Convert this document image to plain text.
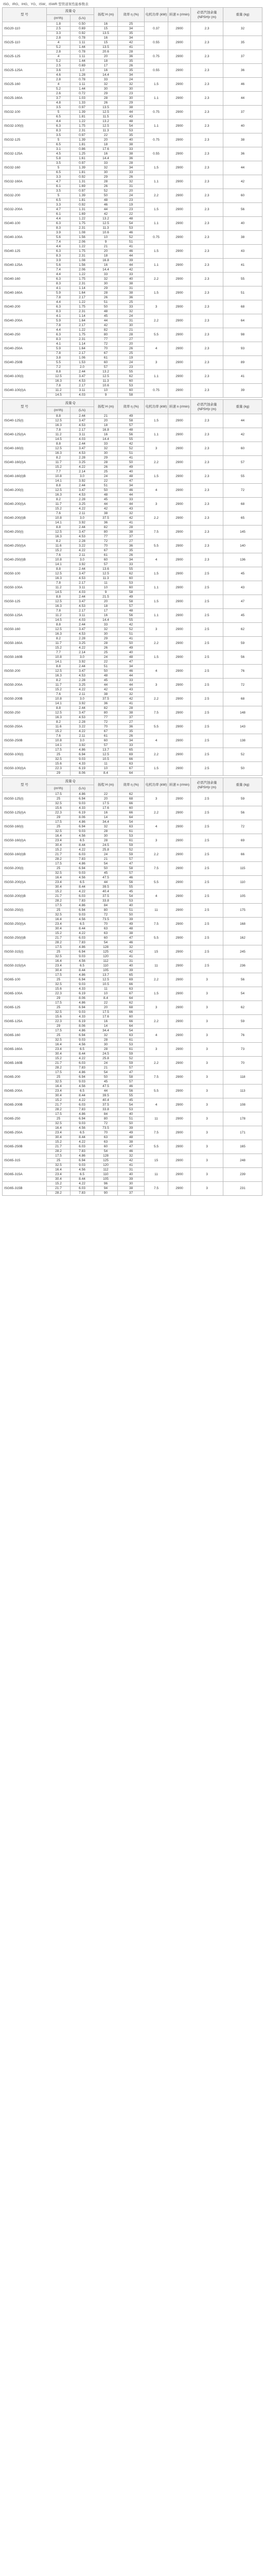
ISG、IRG、IHG、YG、ISW、ISWR 型管道泵性能参数表
型 号	流量 Q		扬程 H (m)	效率 η (%)	电机功率 (kW)	转速 n (r/min)	必需汽蚀余量 (NPSH)r (m)	重量 (kg)
	(m³/h)	(L/s)						
ISG20-110	1.8	0.50	16	25	0.37	2900	2.3	32
	2.5	0.69	15	34				
	3.3	0.92	13.5	35				
ISG25-110	2.8	0.78	16	34	0.55	2900	2.3	35
	4	1.11	15	42				
	5.2	1.44	13.5	41				
ISG25-125	2.8	0.78	20.6	28	0.75	2900	2.3	37
	4	1.11	20	36				
	5.2	1.44	18	35				
ISG25-125A	2.5	0.69	17	26	0.55	2900	2.3	36
	3.6	1.0	16	35				
	4.6	1.28	14.4	34				
ISG25-160	2.8	0.78	33	24	1.5	2900	2.3	46
	4	1.11	32	32				
	5.2	1.44	30	30				
ISG25-160A	2.6	0.72	29	23	1.1	2900	2.3	44
	3.7	1.03	28	30				
	4.8	1.33	26	29				
ISG32-100	3.5	0.97	13.5	38	0.75	2900	2.3	37
	5	1.39	12.5	44				
	6.5	1.81	11.5	43				
ISG32-100(I)	4.4	1.22	13.2	48	1.1	2900	2.3	40
	6.3	1.75	12.5	54				
	8.3	2.31	11.3	53				
ISG32-125	3.5	0.97	22	35	0.75	2900	2.3	38
	5	1.39	20	40				
	6.5	1.81	18	38				
ISG32-125A	3.1	0.86	17.6	33	0.55	2900	2.3	36
	4.5	1.25	16	38				
	5.8	1.61	14.4	36				
ISG32-160	3.5	0.97	33	28	1.5	2900	2.3	44
	5	1.39	32	34				
	6.5	1.81	30	33				
ISG32-160A	3.3	0.92	29	26	1.1	2900	2.3	42
	4.7	1.31	28	32				
	6.1	1.69	26	31				
ISG32-200	3.5	0.97	52	20	2.2	2900	2.3	60
	5	1.39	50	24				
	6.5	1.81	48	23				
ISG32-200A	3.3	0.92	46	19	1.5	2900	2.3	56
	4.7	1.31	44	23				
	6.1	1.69	42	22				
ISG40-100	4.4	1.22	13.2	48	1.1	2900	2.3	40
	6.3	1.75	12.5	54				
	8.3	2.31	11.3	53				
ISG40-100A	3.9	1.08	10.6	46	0.75	2900	2.3	38
	5.6	1.56	10	52				
	7.4	2.06	9	51				
ISG40-125	4.4	1.22	21	41	1.5	2900	2.3	43
	6.3	1.75	20	46				
	8.3	2.31	18	44				
ISG40-125A	3.9	1.08	16.8	39	1.1	2900	2.3	41
	5.6	1.56	16	44				
	7.4	2.06	14.4	42				
ISG40-160	4.4	1.22	33	33	2.2	2900	2.3	55
	6.3	1.75	32	40				
	8.3	2.31	30	38				
ISG40-160A	4.1	1.14	29	31	1.5	2900	2.3	51
	5.9	1.64	28	38				
	7.8	2.17	26	36				
ISG40-200	4.4	1.22	51	25	3	2900	2.3	68
	6.3	1.75	50	33				
	8.3	2.31	48	32				
ISG40-200A	4.1	1.14	45	24	2.2	2900	2.3	64
	5.9	1.64	44	31				
	7.8	2.17	42	30				
ISG40-250	4.4	1.22	82	21	5.5	2900	2.3	98
	6.3	1.75	80	28				
	8.3	2.31	77	27				
ISG40-250A	4.1	1.14	72	20	4	2900	2.3	93
	5.9	1.64	70	26				
	7.8	2.17	67	25				
ISG40-250B	3.8	1.06	61	19	3	2900	2.3	89
	5.5	1.53	60	24				
	7.2	2.0	57	23				
ISG40-100(I)	8.8	2.44	13.2	55	1.1	2900	2.3	41
	12.5	3.47	12.5	62				
	16.3	4.53	11.3	60				
ISG40-100(I)A	7.8	2.17	10.6	53	0.75	2900	2.3	39
	11.2	3.11	10	60				
	14.5	4.03	9	58				
型 号	流量 Q		扬程 H (m)	效率 η (%)	电机功率 (kW)	转速 n (r/min)	必需汽蚀余量 (NPSH)r (m)	重量 (kg)
	(m³/h)	(L/s)						
ISG40-125(I)	8.8	2.44	21	49	1.5	2900	2.3	44
	12.5	3.47	20	58				
	16.3	4.53	18	57				
ISG40-125(I)A	7.8	2.17	16.8	48	1.1	2900	2.3	42
	11.2	3.11	16	56				
	14.5	4.03	14.4	55				
ISG40-160(I)	8.8	2.44	33	42	3	2900	2.3	60
	12.5	3.47	32	52				
	16.3	4.53	30	51				
ISG40-160(I)A	8.2	2.28	29	41	2.2	2900	2.3	57
	11.7	3.25	28	50				
	15.2	4.22	26	49				
ISG40-160(I)B	7.7	2.14	25	40	1.5	2900	2.3	55
	10.8	3.0	24	48				
	14.1	3.92	22	47				
ISG40-200(I)	8.8	2.44	51	34	4	2900	2.3	72
	12.5	3.47	50	46				
	16.3	4.53	48	44				
ISG40-200(I)A	8.2	2.28	45	33	3	2900	2.3	68
	11.7	3.25	44	44				
	15.2	4.22	42	43				
ISG40-200(I)B	7.6	2.11	38	32	2.2	2900	2.3	65
	10.8	3.0	37.5	42				
	14.1	3.92	36	41				
ISG40-250(I)	8.8	2.44	82	28	7.5	2900	2.3	145
	12.5	3.47	80	38				
	16.3	4.53	77	37				
ISG40-250(I)A	8.2	2.28	72	27	5.5	2900	2.3	140
	11.6	3.22	70	36				
	15.2	4.22	67	35				
ISG40-250(I)B	7.6	2.11	61	26	4	2900	2.3	136
	10.8	3.0	60	34				
	14.1	3.92	57	33				
ISG50-100	8.8	2.44	13.6	55	1.5	2900	2.5	45
	12.5	3.47	12.5	62				
	16.3	4.53	11.3	60				
ISG50-100A	7.8	2.17	11	53	1.1	2900	2.5	43
	11.2	3.11	10	60				
	14.5	4.03	9	58				
ISG50-125	8.8	2.44	21.5	49	1.5	2900	2.5	47
	12.5	3.47	20	58				
	16.3	4.53	18	57				
ISG50-125A	7.8	2.17	17	48	1.1	2900	2.5	45
	11.2	3.11	16	56				
	14.5	4.03	14.4	55				
ISG50-160	8.8	2.44	33	42	3	2900	2.5	62
	12.5	3.47	32	52				
	16.3	4.53	30	51				
ISG50-160A	8.2	2.28	29	41	2.2	2900	2.5	59
	11.7	3.25	28	50				
	15.2	4.22	26	49				
ISG50-160B	7.7	2.14	25	40	1.5	2900	2.5	56
	10.8	3.0	24	48				
	14.1	3.92	22	47				
ISG50-200	8.8	2.44	51	34	4	2900	2.5	76
	12.5	3.47	50	46				
	16.3	4.53	48	44				
ISG50-200A	8.2	2.28	45	33	3	2900	2.5	72
	11.7	3.25	44	44				
	15.2	4.22	42	43				
ISG50-200B	7.6	2.11	38	32	2.2	2900	2.5	68
	10.8	3.0	37.5	42				
	14.1	3.92	36	41				
ISG50-250	8.8	2.44	82	28	7.5	2900	2.5	148
	12.5	3.47	80	38				
	16.3	4.53	77	37				
ISG50-250A	8.2	2.28	72	27	5.5	2900	2.5	143
	11.6	3.22	70	36				
	15.2	4.22	67	35				
ISG50-250B	7.6	2.11	61	26	4	2900	2.5	138
	10.8	3.0	60	34				
	14.1	3.92	57	33				
ISG50-100(I)	17.5	4.86	13.7	65	2.2	2900	2.5	52
	25	6.94	12.5	69				
	32.5	9.03	10.5	66				
ISG50-100(I)A	15.6	4.33	11	63	1.5	2900	2.5	50
	22.3	6.19	10	67				
	29	8.06	8.4	64				
型 号	流量 Q		扬程 H (m)	效率 η (%)	电机功率 (kW)	转速 n (r/min)	必需汽蚀余量 (NPSH)r (m)	重量 (kg)
	(m³/h)	(L/s)						
ISG50-125(I)	17.5	4.86	22	62	3	2900	2.5	59
	25	6.94	20	68				
	32.5	9.03	17.5	66				
ISG50-125(I)A	15.6	4.33	17.6	60	2.2	2900	2.5	56
	22.3	6.19	16	66				
	29	8.06	14	64				
ISG50-160(I)	17.5	4.86	34.4	54	4	2900	2.5	72
	25	6.94	32	63				
	32.5	9.03	28	61				
ISG50-160(I)A	16.4	4.56	30	53	3	2900	2.5	69
	23.4	6.5	28	61				
	30.4	8.44	24.5	59				
ISG50-160(I)B	15.2	4.22	25.8	52	2.2	2900	2.5	66
	21.7	6.03	24	59				
	28.2	7.83	21	57				
ISG50-200(I)	17.5	4.86	54	47	7.5	2900	2.5	115
	25	6.94	50	58				
	32.5	9.03	45	57				
ISG50-200(I)A	16.4	4.56	47.5	46	5.5	2900	2.5	110
	23.4	6.5	44	56				
	30.4	8.44	39.5	55				
ISG50-200(I)B	15.2	4.22	40.4	45	4	2900	2.5	105
	21.7	6.03	37.5	54				
	28.2	7.83	33.8	53				
ISG50-250(I)	17.5	4.86	84	40	11	2900	2.5	175
	25	6.94	80	51				
	32.5	9.03	72	50				
ISG50-250(I)A	16.4	4.56	73.5	39	7.5	2900	2.5	168
	23.4	6.5	70	49				
	30.4	8.44	63	48				
ISG50-250(I)B	15.2	4.22	63	38	5.5	2900	2.5	162
	21.7	6.03	60	47				
	28.2	7.83	54	46				
ISG50-315(I)	17.5	4.86	128	32	15	2900	2.5	245
	25	6.94	125	42				
	32.5	9.03	120	41				
ISG50-315(I)A	16.4	4.56	112	31	11	2900	2.5	236
	23.4	6.5	110	40				
	30.4	8.44	105	39				
ISG65-100	17.5	4.86	13.7	65	2.2	2900	3	56
	25	6.94	12.5	69				
	32.5	9.03	10.5	66				
ISG65-100A	15.6	4.33	11	63	1.5	2900	3	54
	22.3	6.19	10	67				
	29	8.06	8.4	64				
ISG65-125	17.5	4.86	22	62	3	2900	3	62
	25	6.94	20	68				
	32.5	9.03	17.5	66				
ISG65-125A	15.6	4.33	17.6	60	2.2	2900	3	59
	22.3	6.19	16	66				
	29	8.06	14	64				
ISG65-160	17.5	4.86	34.4	54	4	2900	3	76
	25	6.94	32	63				
	32.5	9.03	28	61				
ISG65-160A	16.4	4.56	30	53	3	2900	3	73
	23.4	6.5	28	61				
	30.4	8.44	24.5	59				
ISG65-160B	15.2	4.22	25.8	52	2.2	2900	3	70
	21.7	6.03	24	59				
	28.2	7.83	21	57				
ISG65-200	17.5	4.86	54	47	7.5	2900	3	118
	25	6.94	50	58				
	32.5	9.03	45	57				
ISG65-200A	16.4	4.56	47.5	46	5.5	2900	3	113
	23.4	6.5	44	56				
	30.4	8.44	39.5	55				
ISG65-200B	15.2	4.22	40.4	45	4	2900	3	108
	21.7	6.03	37.5	54				
	28.2	7.83	33.8	53				
ISG65-250	17.5	4.86	84	40	11	2900	3	178
	25	6.94	80	51				
	32.5	9.03	72	50				
ISG65-250A	16.4	4.56	73.5	39	7.5	2900	3	171
	23.4	6.5	70	49				
	30.4	8.44	63	48				
ISG65-250B	15.2	4.22	63	38	5.5	2900	3	165
	21.7	6.03	60	47				
	28.2	7.83	54	46				
ISG65-315	17.5	4.86	128	32	15	2900	3	248
	25	6.94	125	42				
	32.5	9.03	120	41				
ISG65-315A	16.4	4.56	112	31	11	2900	3	239
	23.4	6.5	110	40				
	30.4	8.44	105	39				
ISG65-315B	15.2	4.22	96	30	7.5	2900	3	231
	21.7	6.03	94	38				
	28.2	7.83	90	37				
